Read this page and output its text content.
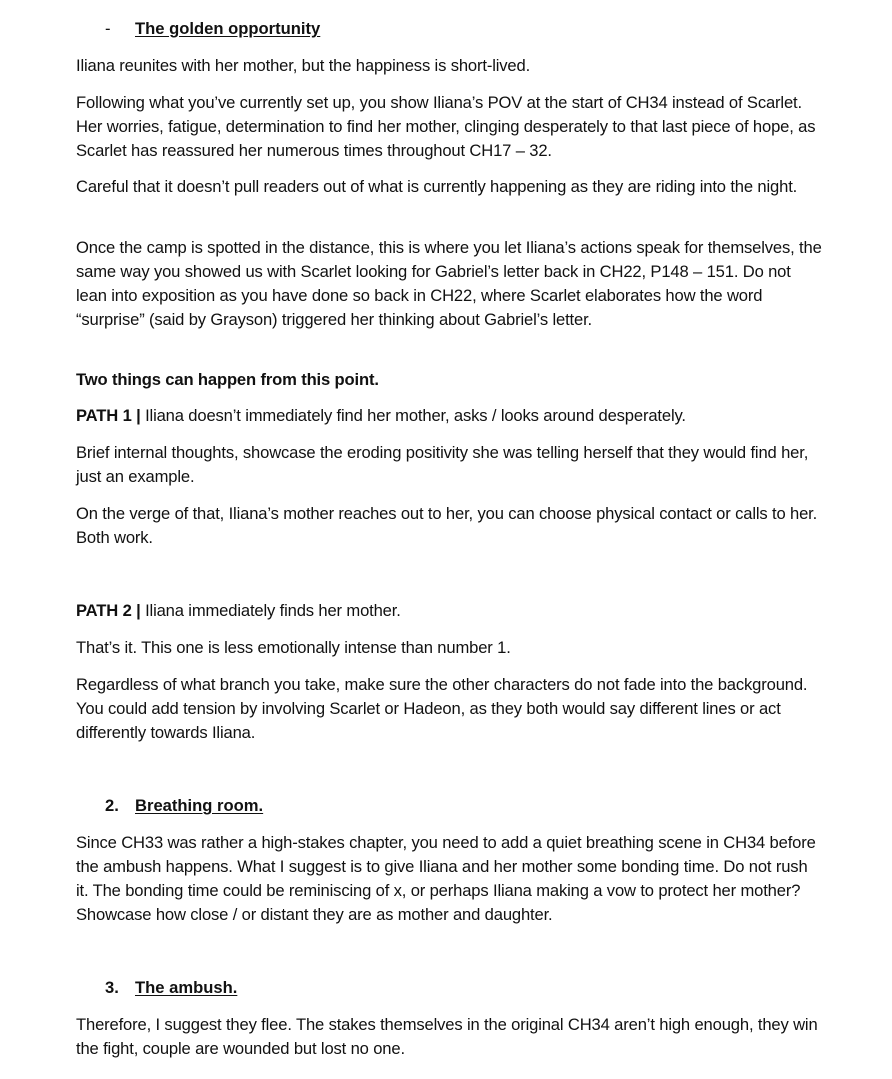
-	The golden opportunity

Iliana reunites with her mother, but the happiness is short-lived.

Following what you’ve currently set up, you show Iliana’s POV at the start of CH34 instead of Scarlet. Her worries, fatigue, determination to find her mother, clinging desperately to that last piece of hope, as Scarlet has reassured her numerous times throughout CH17 – 32.

Careful that it doesn’t pull readers out of what is currently happening as they are riding into the night.

Once the camp is spotted in the distance, this is where you let Iliana’s actions speak for themselves, the same way you showed us with Scarlet looking for Gabriel’s letter back in CH22, P148 – 151. Do not lean into exposition as you have done so back in CH22, where Scarlet elaborates how the word “surprise” (said by Grayson) triggered her thinking about Gabriel’s letter.

Two things can happen from this point.

PATH 1 | Iliana doesn’t immediately find her mother, asks / looks around desperately.

Brief internal thoughts, showcase the eroding positivity she was telling herself that they would find her, just an example.

On the verge of that, Iliana’s mother reaches out to her, you can choose physical contact or calls to her. Both work.

PATH 2 | Iliana immediately finds her mother.

That’s it. This one is less emotionally intense than number 1.

Regardless of what branch you take, make sure the other characters do not fade into the background. You could add tension by involving Scarlet or Hadeon, as they both would say different lines or act differently towards Iliana.

2. Breathing room.

Since CH33 was rather a high-stakes chapter, you need to add a quiet breathing scene in CH34 before the ambush happens. What I suggest is to give Iliana and her mother some bonding time. Do not rush it. The bonding time could be reminiscing of x, or perhaps Iliana making a vow to protect her mother? Showcase how close / or distant they are as mother and daughter.

3. The ambush.

Therefore, I suggest they flee. The stakes themselves in the original CH34 aren’t high enough, they win the fight, couple are wounded but lost no one.
